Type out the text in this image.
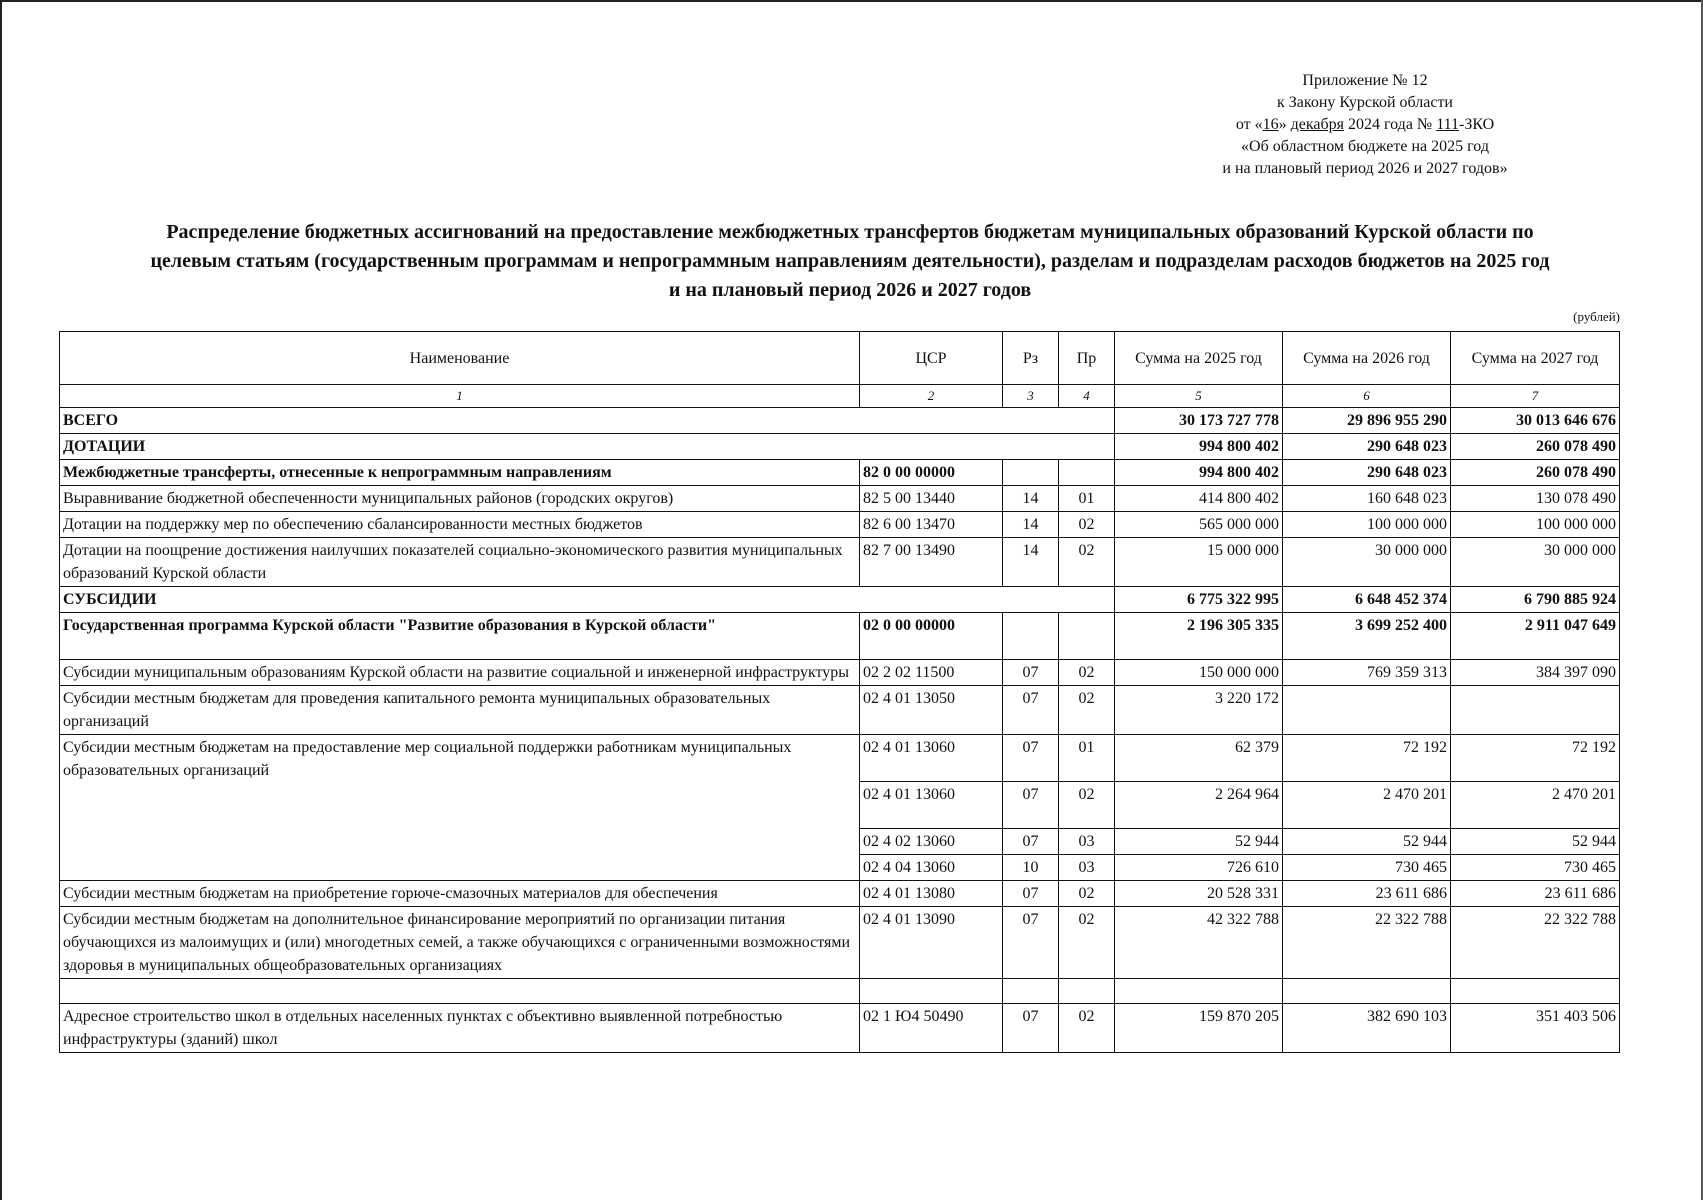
Приложение № 12
к Закону Курской области
от «16» декабря 2024 года № 111-ЗКО
«Об областном бюджете на 2025 год
и на плановый период 2026 и 2027 годов»
Распределение бюджетных ассигнований на предоставление межбюджетных трансфертов бюджетам муниципальных образований Курской области по
целевым статьям (государственным программам и непрограммным направлениям деятельности), разделам и подразделам расходов бюджетов на 2025 год
и на плановый период 2026 и 2027 годов
(рублей)
Наименование	ЦСР	Рз	Пр	Сумма на 2025 год	Сумма на 2026 год	Сумма на 2027 год
1	2	3	4	5	6	7
ВСЕГО				30 173 727 778	29 896 955 290	30 013 646 676
ДОТАЦИИ				994 800 402	290 648 023	260 078 490
Межбюджетные трансферты, отнесенные к непрограммным направлениям	82 0 00 00000			994 800 402	290 648 023	260 078 490
Выравнивание бюджетной обеспеченности муниципальных районов (городских округов)	82 5 00 13440	14	01	414 800 402	160 648 023	130 078 490
Дотации на поддержку мер по обеспечению сбалансированности местных бюджетов	82 6 00 13470	14	02	565 000 000	100 000 000	100 000 000
Дотации на поощрение достижения наилучших показателей социально-экономического развития муниципальных образований Курской области	82 7 00 13490	14	02	15 000 000	30 000 000	30 000 000
СУБСИДИИ				6 775 322 995	6 648 452 374	6 790 885 924
Государственная программа Курской области "Развитие образования в Курской области"	02 0 00 00000			2 196 305 335	3 699 252 400	2 911 047 649
Субсидии муниципальным образованиям Курской области на развитие социальной и инженерной инфраструктуры	02 2 02 11500	07	02	150 000 000	769 359 313	384 397 090
Субсидии местным бюджетам для проведения капитального ремонта муниципальных образовательных организаций	02 4 01 13050	07	02	3 220 172		
Субсидии местным бюджетам на предоставление мер социальной поддержки работникам муниципальных образовательных организаций	02 4 01 13060	07	01	62 379	72 192	72 192
	02 4 01 13060	07	02	2 264 964	2 470 201	2 470 201
	02 4 02 13060	07	03	52 944	52 944	52 944
	02 4 04 13060	10	03	726 610	730 465	730 465
Субсидии местным бюджетам на приобретение горюче-смазочных материалов для обеспечения	02 4 01 13080	07	02	20 528 331	23 611 686	23 611 686
Субсидии местным бюджетам на дополнительное финансирование мероприятий по организации питания обучающихся из малоимущих и (или) многодетных семей, а также обучающихся с ограниченными возможностями здоровья в муниципальных общеобразовательных организациях	02 4 01 13090	07	02	42 322 788	22 322 788	22 322 788

Адресное строительство школ в отдельных населенных пунктах с объективно выявленной потребностью инфраструктуры (зданий) школ	02 1 Ю4 50490	07	02	159 870 205	382 690 103	351 403 506
